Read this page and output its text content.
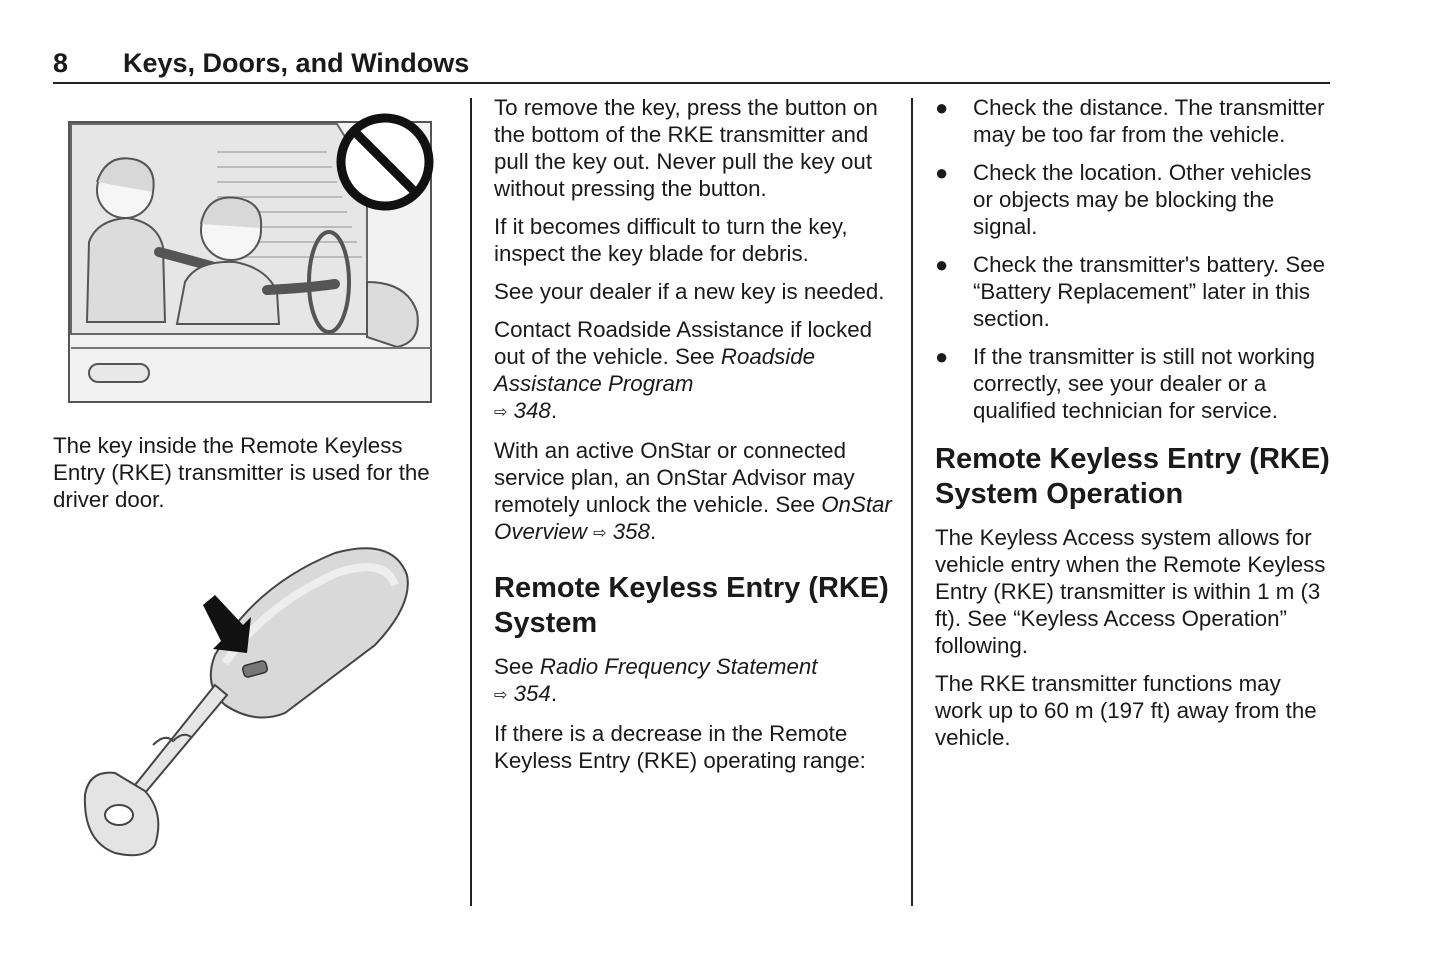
8 Keys, Doors, and Windows

The key inside the Remote Keyless Entry (RKE) transmitter is used for the driver door.

To remove the key, press the button on the bottom of the RKE transmitter and pull the key out. Never pull the key out without pressing the button.

If it becomes difficult to turn the key, inspect the key blade for debris.

See your dealer if a new key is needed.

Contact Roadside Assistance if locked out of the vehicle. See Roadside Assistance Program
⇨ 348.

With an active OnStar or connected service plan, an OnStar Advisor may remotely unlock the vehicle. See OnStar Overview ⇨ 358.

Remote Keyless Entry (RKE) System

See Radio Frequency Statement
⇨ 354.

If there is a decrease in the Remote Keyless Entry (RKE) operating range:

● Check the distance. The transmitter may be too far from the vehicle.
● Check the location. Other vehicles or objects may be blocking the signal.
● Check the transmitter's battery. See “Battery Replacement” later in this section.
● If the transmitter is still not working correctly, see your dealer or a qualified technician for service.
Remote Keyless Entry (RKE) System Operation

The Keyless Access system allows for vehicle entry when the Remote Keyless Entry (RKE) transmitter is within 1 m (3 ft). See “Keyless Access Operation” following.

The RKE transmitter functions may work up to 60 m (197 ft) away from the vehicle.
